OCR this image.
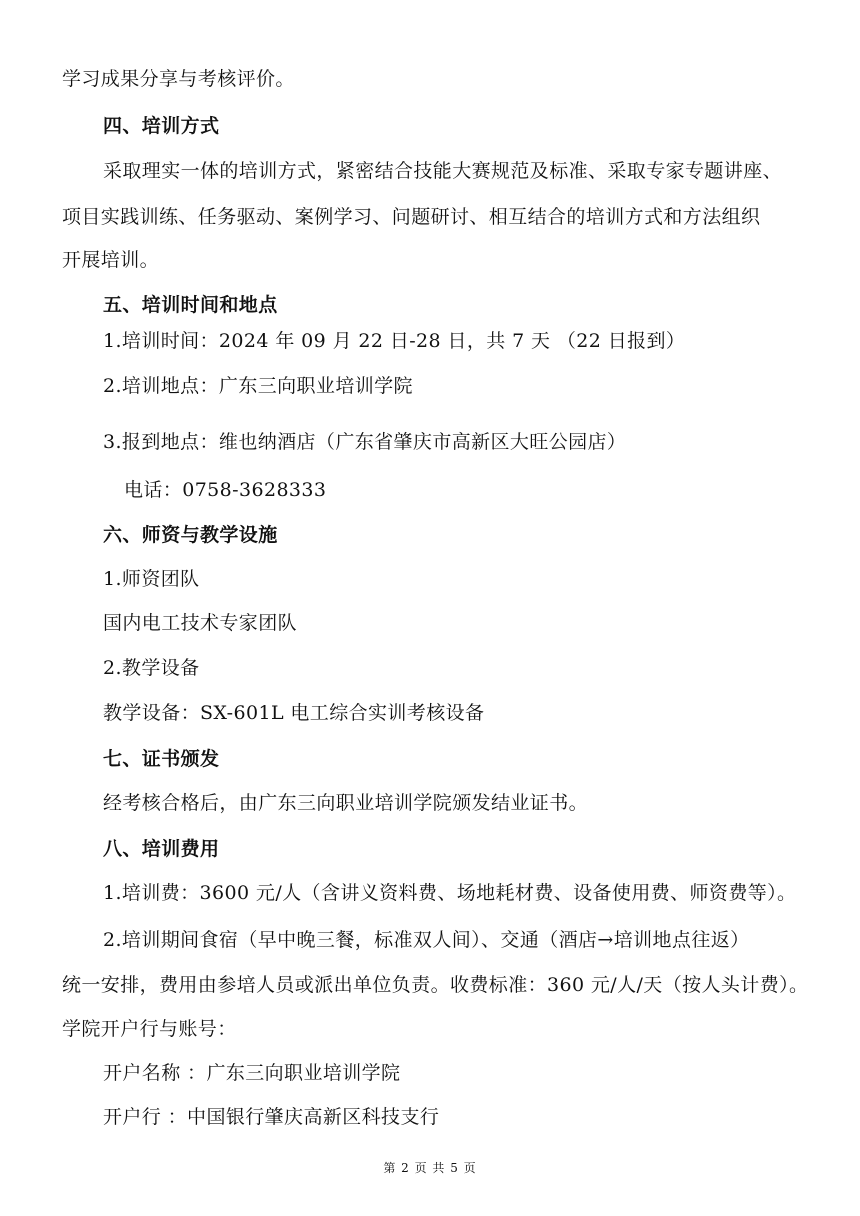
学习成果分享与考核评价。
四、培训方式
采取理实一体的培训方式，紧密结合技能大赛规范及标准、采取专家专题讲座、
项目实践训练、任务驱动、案例学习、问题研讨、相互结合的培训方式和方法组织
开展培训。
五、培训时间和地点
1.培训时间：2024 年 09 月 22 日-28 日，共 7 天 （22 日报到）
2.培训地点：广东三向职业培训学院
3.报到地点：维也纳酒店（广东省肇庆市高新区大旺公园店）
电话：0758-3628333
六、师资与教学设施
1.师资团队
国内电工技术专家团队
2.教学设备
教学设备：SX-601L 电工综合实训考核设备
七、证书颁发
经考核合格后，由广东三向职业培训学院颁发结业证书。
八、培训费用
1.培训费：3600 元/人（含讲义资料费、场地耗材费、设备使用费、师资费等）。
2.培训期间食宿（早中晚三餐，标准双人间）、交通（酒店→培训地点往返）
统一安排，费用由参培人员或派出单位负责。收费标准：360 元/人/天（按人头计费）。
学院开户行与账号：
开户名称 ：广东三向职业培训学院
开户行 ：中国银行肇庆高新区科技支行
第 2 页 共 5 页
